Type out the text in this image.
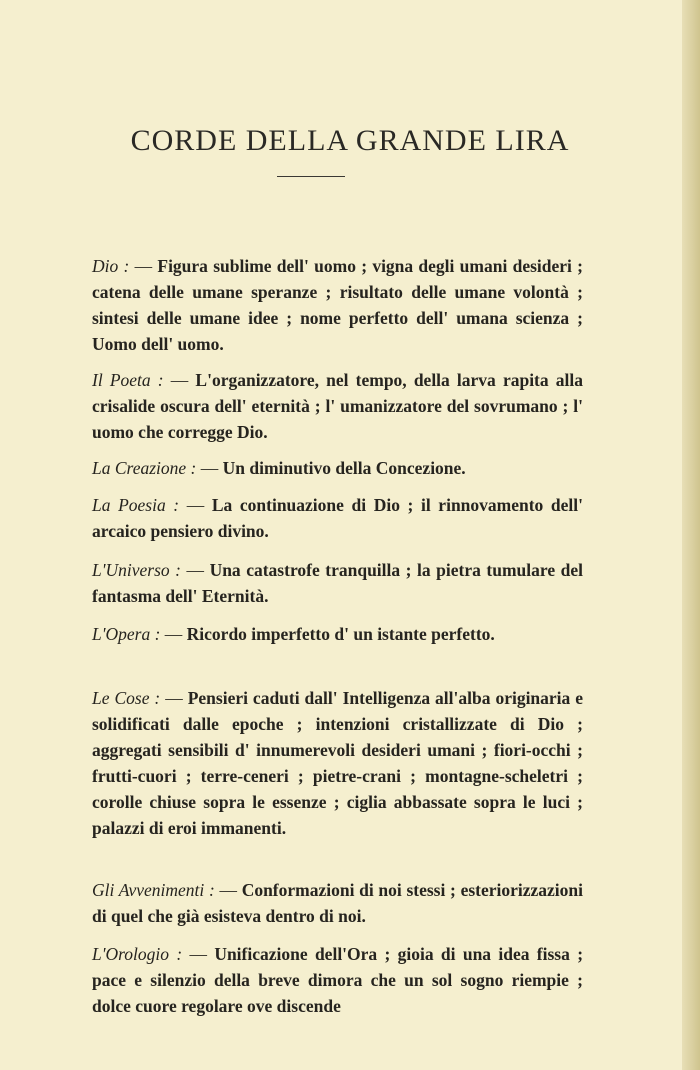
CORDE DELLA GRANDE LIRA

Dio : — Figura sublime dell' uomo ; vigna degli umani desideri ; catena delle umane speranze ; risultato delle umane volontà ; sintesi delle umane idee ; nome perfetto dell' umana scienza ; Uomo dell' uomo.

Il Poeta : — L'organizzatore, nel tempo, della larva rapita alla crisalide oscura dell' eternità ; l' umanizzatore del sovrumano ; l' uomo che corregge Dio.

La Creazione : — Un diminutivo della Concezione.

La Poesia : — La continuazione di Dio ; il rinnovamento dell' arcaico pensiero divino.

L'Universo : — Una catastrofe tranquilla ; la pietra tumulare del fantasma dell' Eternità.

L'Opera : — Ricordo imperfetto d' un istante perfetto.

Le Cose : — Pensieri caduti dall' Intelligenza all'alba originaria e solidificati dalle epoche ; intenzioni cristallizzate di Dio ; aggregati sensibili d' innumerevoli desideri umani ; fiori-occhi ; frutti-cuori ; terre-ceneri ; pietre-crani ; montagne-scheletri ; corolle chiuse sopra le essenze ; ciglia abbassate sopra le luci ; palazzi di eroi immanenti.

Gli Avvenimenti : — Conformazioni di noi stessi ; esteriorizzazioni di quel che già esisteva dentro di noi.

L'Orologio : — Unificazione dell'Ora ; gioia di una idea fissa ; pace e silenzio della breve dimora che un sol sogno riempie ; dolce cuore regolare ove discende
